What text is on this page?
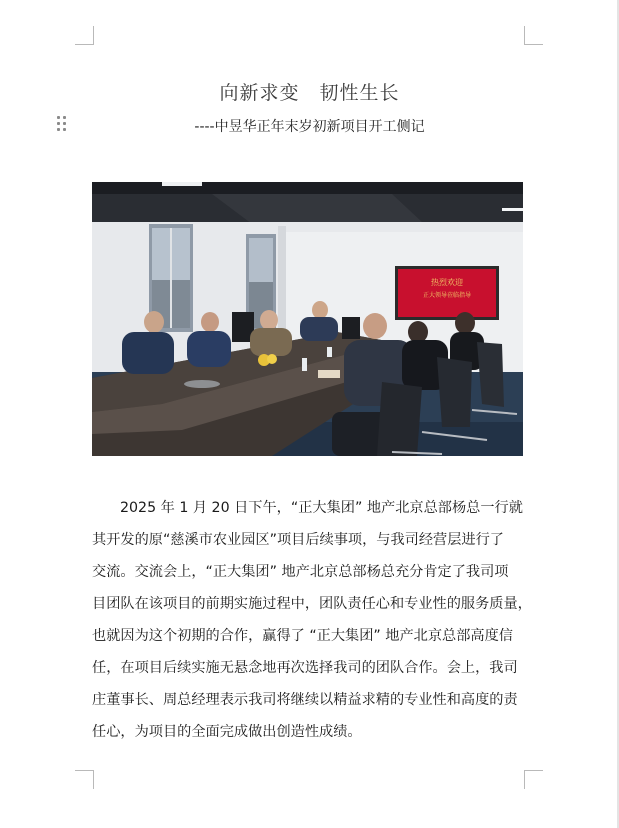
向新求变　韧性生长
----中昱华正年末岁初新项目开工侧记
热烈欢迎
正大领导莅临指导
2025 年 1 月 20 日下午，“正大集团” 地产北京总部杨总一行就
其开发的原“慈溪市农业园区”项目后续事项，与我司经营层进行了
交流。交流会上，“正大集团” 地产北京总部杨总充分肯定了我司项
目团队在该项目的前期实施过程中，团队责任心和专业性的服务质量，
也就因为这个初期的合作，赢得了 “正大集团” 地产北京总部高度信
任，在项目后续实施无悬念地再次选择我司的团队合作。会上，我司
庄董事长、周总经理表示我司将继续以精益求精的专业性和高度的责
任心，为项目的全面完成做出创造性成绩。
